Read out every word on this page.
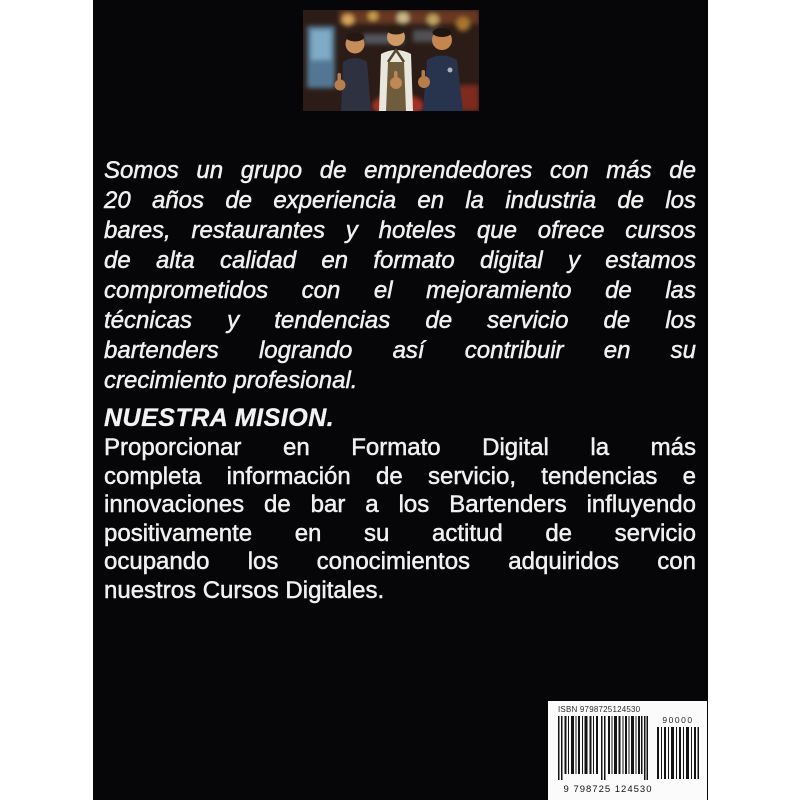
Somos un grupo de emprendedores con más de
20 años de experiencia en la industria de los
bares, restaurantes y hoteles que ofrece cursos
de alta calidad en formato digital y estamos
comprometidos con el mejoramiento de las
técnicas y tendencias de servicio de los
bartenders logrando así contribuir en su
crecimiento profesional.
NUESTRA MISION.
Proporcionar en Formato Digital la más
completa información de servicio, tendencias e
innovaciones de bar a los Bartenders influyendo
positivamente en su actitud de servicio
ocupando los conocimientos adquiridos con
nuestros Cursos Digitales.
ISBN 9798725124530
9 798725 124530
90000
